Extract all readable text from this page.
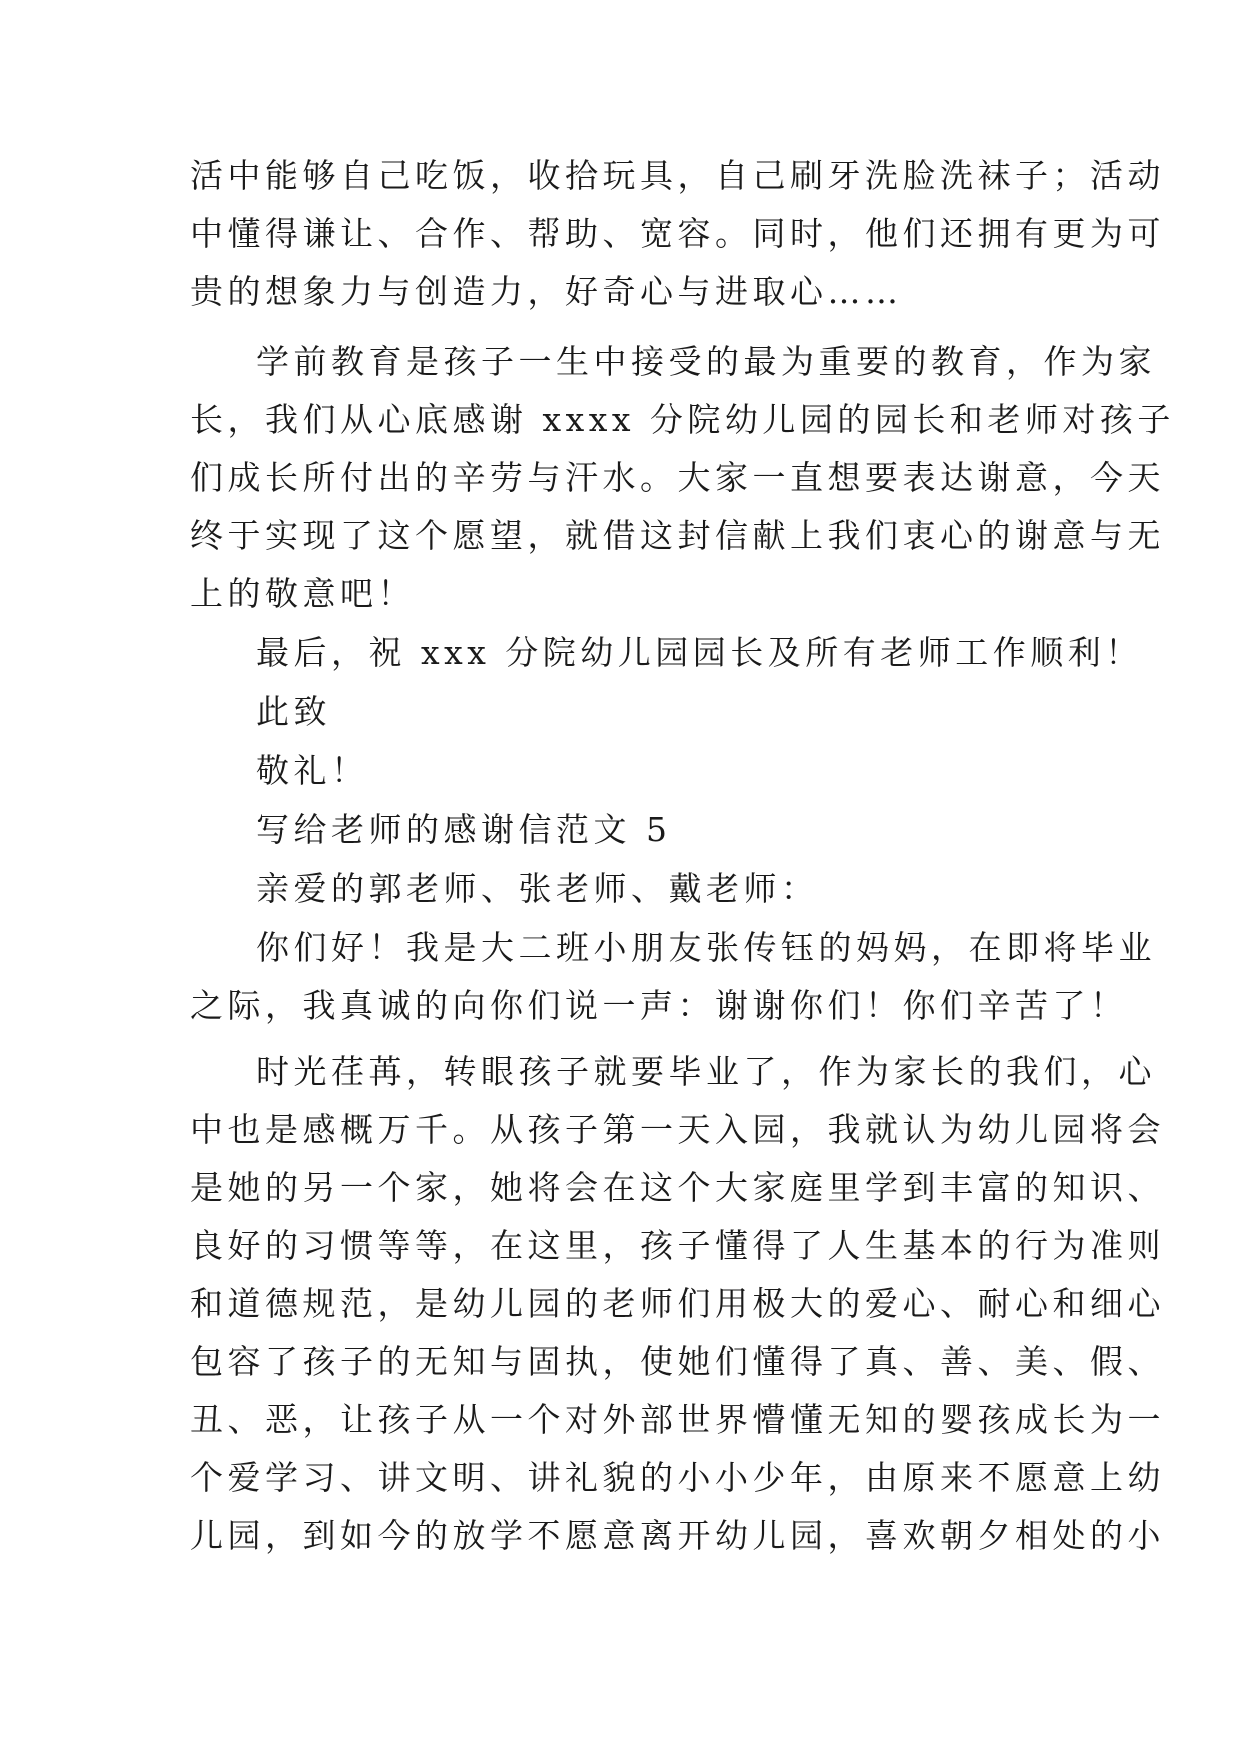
活中能够自己吃饭，收拾玩具，自己刷牙洗脸洗袜子；活动
中懂得谦让、合作、帮助、宽容。同时，他们还拥有更为可
贵的想象力与创造力，好奇心与进取心……
学前教育是孩子一生中接受的最为重要的教育，作为家
长，我们从心底感谢 xxxx 分院幼儿园的园长和老师对孩子
们成长所付出的辛劳与汗水。大家一直想要表达谢意，今天
终于实现了这个愿望，就借这封信献上我们衷心的谢意与无
上的敬意吧！
最后，祝 xxx 分院幼儿园园长及所有老师工作顺利！
此致
敬礼！
写给老师的感谢信范文 5
亲爱的郭老师、张老师、戴老师：
你们好！我是大二班小朋友张传钰的妈妈，在即将毕业
之际，我真诚的向你们说一声：谢谢你们！你们辛苦了！
时光荏苒，转眼孩子就要毕业了，作为家长的我们，心
中也是感概万千。从孩子第一天入园，我就认为幼儿园将会
是她的另一个家，她将会在这个大家庭里学到丰富的知识、
良好的习惯等等，在这里，孩子懂得了人生基本的行为准则
和道德规范，是幼儿园的老师们用极大的爱心、耐心和细心
包容了孩子的无知与固执，使她们懂得了真、善、美、假、
丑、恶，让孩子从一个对外部世界懵懂无知的婴孩成长为一
个爱学习、讲文明、讲礼貌的小小少年，由原来不愿意上幼
儿园，到如今的放学不愿意离开幼儿园，喜欢朝夕相处的小
